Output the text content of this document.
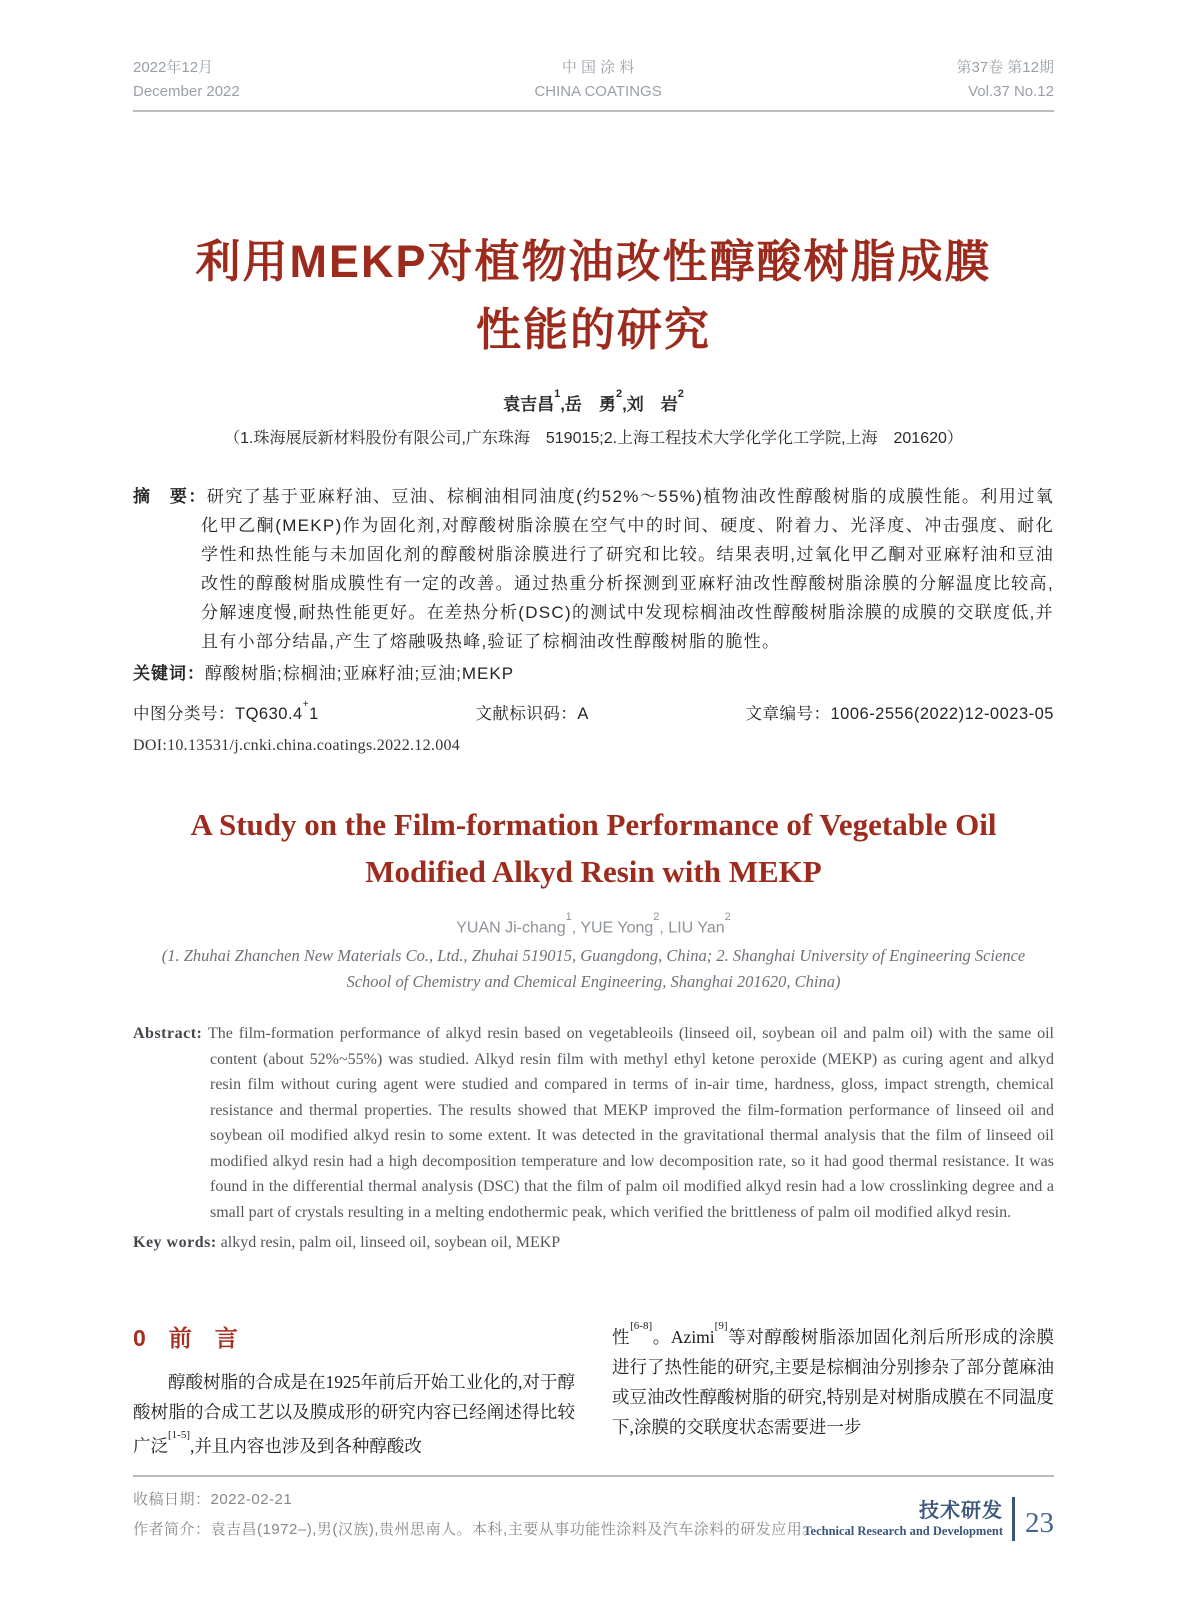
2022年12月
December 2022
中 国 涂 料
CHINA COATINGS
第37卷 第12期
Vol.37 No.12
利用MEKP对植物油改性醇酸树脂成膜
性能的研究
袁吉昌$^1$,岳　勇$^2$,刘　岩$^2$
（1.珠海展辰新材料股份有限公司,广东珠海　519015;2.上海工程技术大学化学化工学院,上海　201620）

摘　要：研究了基于亚麻籽油、豆油、棕榈油相同油度(约52%～55%)植物油改性醇酸树脂的成膜性能。利用过氧化甲乙酮(MEKP)作为固化剂,对醇酸树脂涂膜在空气中的时间、硬度、附着力、光泽度、冲击强度、耐化学性和热性能与未加固化剂的醇酸树脂涂膜进行了研究和比较。结果表明,过氧化甲乙酮对亚麻籽油和豆油改性的醇酸树脂成膜性有一定的改善。通过热重分析探测到亚麻籽油改性醇酸树脂涂膜的分解温度比较高,分解速度慢,耐热性能更好。在差热分析(DSC)的测试中发现棕榈油改性醇酸树脂涂膜的成膜的交联度低,并且有小部分结晶,产生了熔融吸热峰,验证了棕榈油改性醇酸树脂的脆性。

关键词：醇酸树脂;棕榈油;亚麻籽油;豆油;MEKP

中图分类号：TQ630.4+1	文献标识码：A	文章编号：1006-2556(2022)12-0023-05
DOI:10.13531/j.cnki.china.coatings.2022.12.004
A Study on the Film-formation Performance of Vegetable Oil
Modified Alkyd Resin with MEKP
YUAN Ji-chang$^1$, YUE Yong$^2$, LIU Yan$^2$
(1. Zhuhai Zhanchen New Materials Co., Ltd., Zhuhai 519015, Guangdong, China; 2. Shanghai University of Engineering Science
School of Chemistry and Chemical Engineering, Shanghai 201620, China)

Abstract: The film-formation performance of alkyd resin based on vegetableoils (linseed oil, soybean oil and palm oil) with the same oil content (about 52%~55%) was studied. Alkyd resin film with methyl ethyl ketone peroxide (MEKP) as curing agent and alkyd resin film without curing agent were studied and compared in terms of in-air time, hardness, gloss, impact strength, chemical resistance and thermal properties. The results showed that MEKP improved the film-formation performance of linseed oil and soybean oil modified alkyd resin to some extent. It was detected in the gravitational thermal analysis that the film of linseed oil modified alkyd resin had a high decomposition temperature and low decomposition rate, so it had good thermal resistance. It was found in the differential thermal analysis (DSC) that the film of palm oil modified alkyd resin had a low crosslinking degree and a small part of crystals resulting in a melting endothermic peak, which verified the brittleness of palm oil modified alkyd resin.

Key words: alkyd resin, palm oil, linseed oil, soybean oil, MEKP

0　前　言

醇酸树脂的合成是在1925年前后开始工业化的,对于醇酸树脂的合成工艺以及膜成形的研究内容已经阐述得比较广泛[1-5],并且内容也涉及到各种醇酸改

性[6-8]。Azimi[9]等对醇酸树脂添加固化剂后所形成的涂膜进行了热性能的研究,主要是棕榈油分别掺杂了部分蓖麻油或豆油改性醇酸树脂的研究,特别是对树脂成膜在不同温度下,涂膜的交联度状态需要进一步

收稿日期：2022-02-21
作者简介：袁吉昌(1972–),男(汉族),贵州思南人。本科,主要从事功能性涂料及汽车涂料的研发应用。
技术研发
Technical Research and Development 23
